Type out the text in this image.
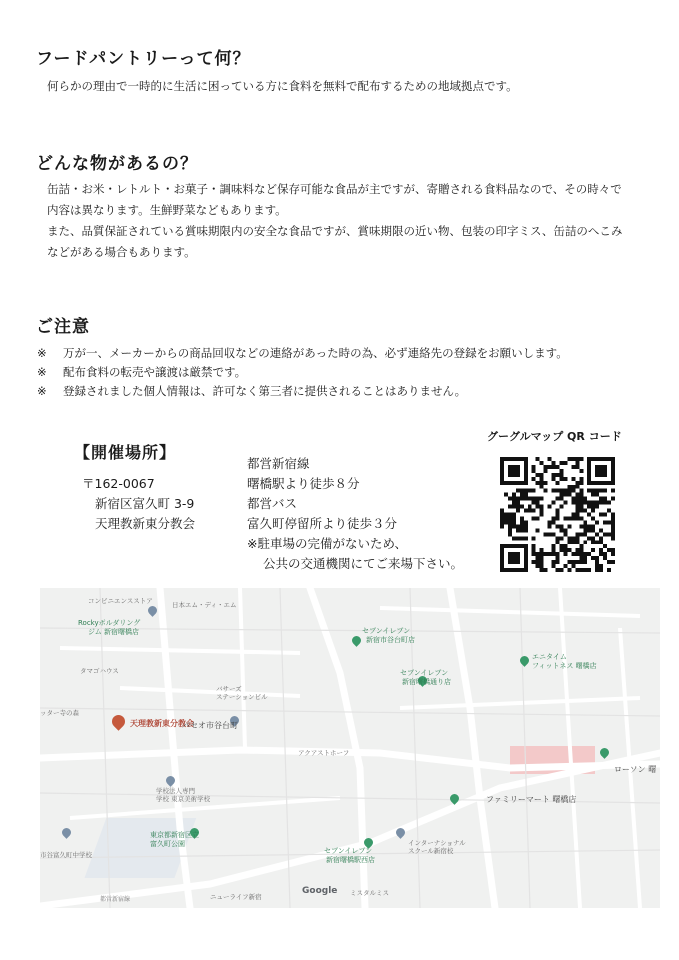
フードパントリーって何？

何らかの理由で一時的に生活に困っている方に食料を無料で配布するための地域拠点です。

どんな物があるの？

缶詰・お米・レトルト・お菓子・調味料など保存可能な食品が主ですが、寄贈される食料品なので、その時々で

内容は異なります。生鮮野菜などもあります。

また、品質保証されている賞味期限内の安全な食品ですが、賞味期限の近い物、包装の印字ミス、缶詰のへこみ

などがある場合もあります。

ご注意
※ 万が一、メーカーからの商品回収などの連絡があった時の為、必ず連絡先の登録をお願いします。
※ 配布食料の転売や譲渡は厳禁です。
※ 登録されました個人情報は、許可なく第三者に提供されることはありません。
【開催場所】
〒162-0067
新宿区富久町 3-9
天理教新東分教会
都営新宿線
曙橋駅より徒歩８分
都営バス
富久町停留所より徒歩３分
※駐車場の完備がないため、
公共の交通機関にてご来場下さい。
グーグルマップ QR コード
天理教新東分教会
コンビニエンスストア
Rockyボルダリング
ジム 新宿曙橋店
日本エム・ディ・エム
タマゴハウス
バサーズ
ステーションビル
セブンイレブン
新宿市谷台町店
セブンイレブン
新宿曙橋通り店
エニタイム
フィットネス 曙橋店
パセオ市谷台町
アクアストホーフ
学校法人専門
学校 東京美術学校
東京都新宿区立
富久町公園
ファミリーマート 曙橋店
ローソン 曙
セブンイレブン
新宿曙橋駅西店
インターナショナル
スクール新宿校
都営新宿線
ミスタルミス
ニューライフ新宿
市谷富久町中学校
ッター寺の森
Google
